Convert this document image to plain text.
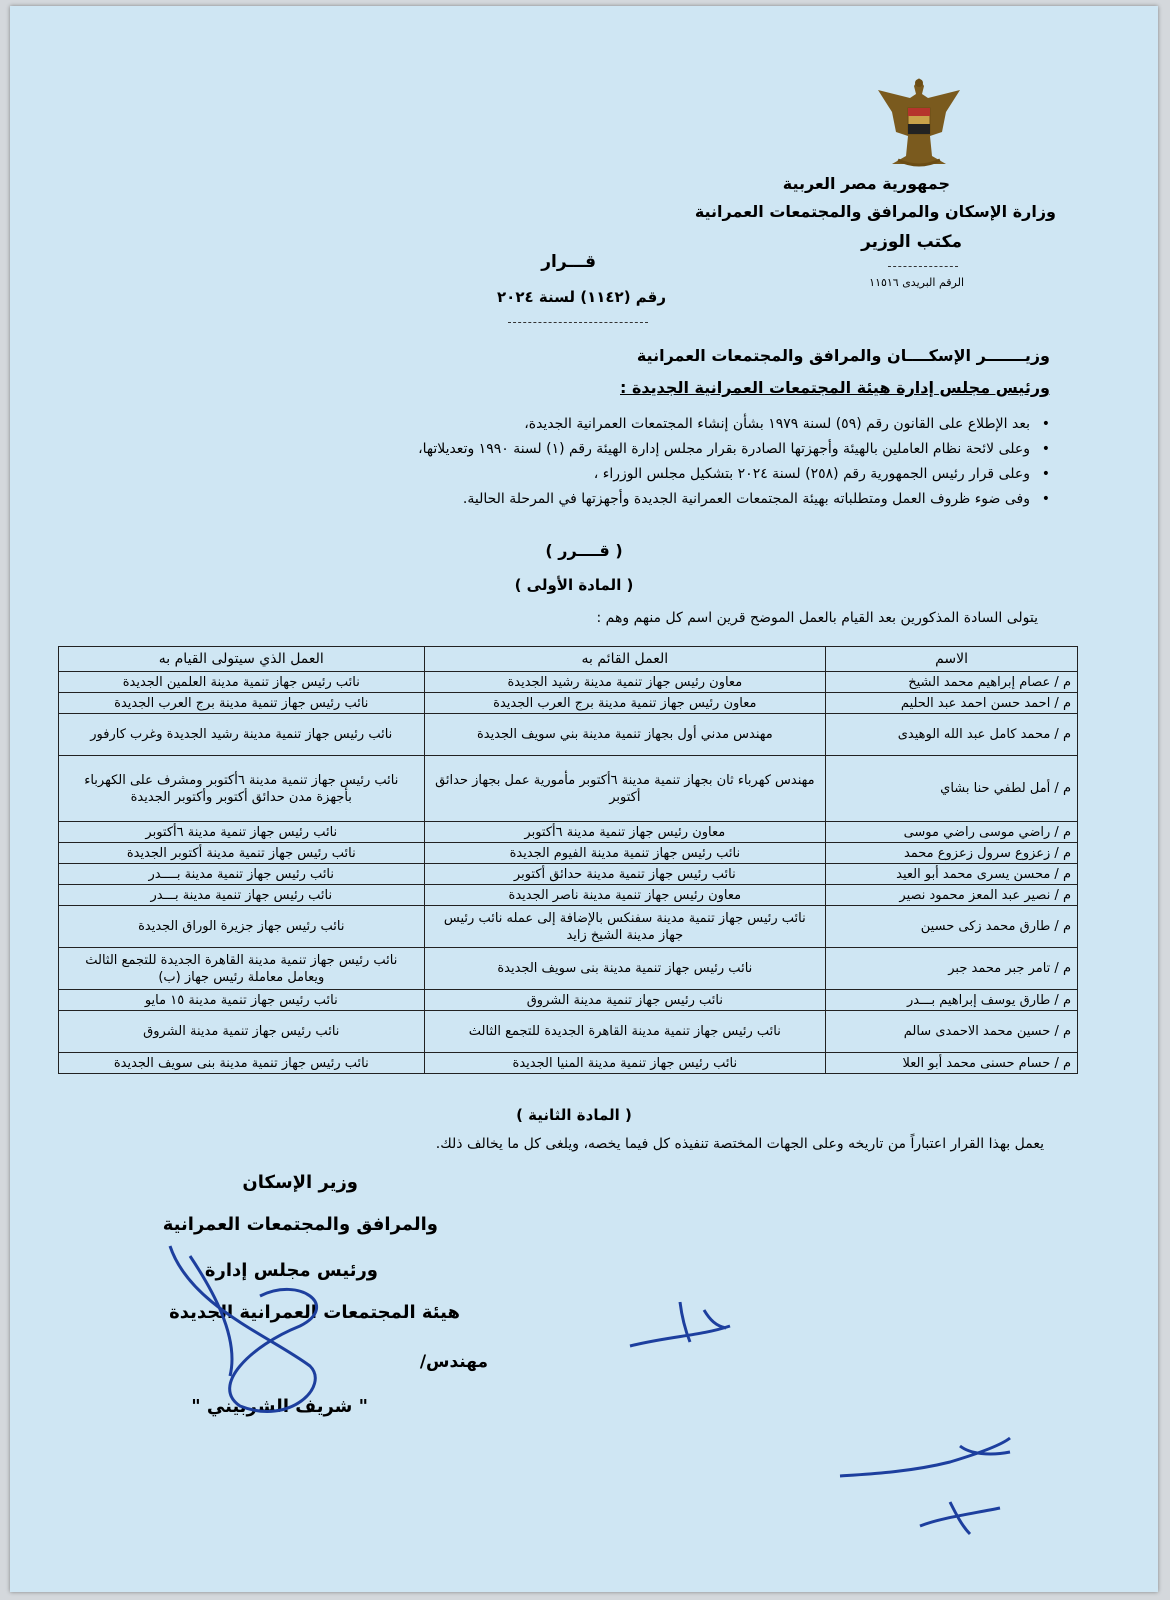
جمهورية مصر العربية
وزارة الإسكان والمرافق والمجتمعات العمرانية
مكتب الوزير
الرقم البريدى ١١٥١٦
قـــرار
رقم (١١٤٢) لسنة ٢٠٢٤
وزيـــــــر الإسكــــان والمرافق والمجتمعات العمرانية
ورئيس مجلس إدارة هيئة المجتمعات العمرانية الجديدة :
• بعد الإطلاع على القانون رقم (٥٩) لسنة ١٩٧٩ بشأن إنشاء المجتمعات العمرانية الجديدة،
• وعلى لائحة نظام العاملين بالهيئة وأجهزتها الصادرة بقرار مجلس إدارة الهيئة رقم (١) لسنة ١٩٩٠ وتعديلاتها،
• وعلى قرار رئيس الجمهورية رقم (٢٥٨) لسنة ٢٠٢٤ بتشكيل مجلس الوزراء ،
• وفى ضوء ظروف العمل ومتطلباته بهيئة المجتمعات العمرانية الجديدة وأجهزتها في المرحلة الحالية.
( قــــرر )
( المادة الأولى )
يتولى السادة المذكورين بعد القيام بالعمل الموضح قرين اسم كل منهم وهم :
الاسم	العمل القائم به	العمل الذي سيتولى القيام به
م / عصام إبراهيم محمد الشيخ	معاون رئيس جهاز تنمية مدينة رشيد الجديدة	نائب رئيس جهاز تنمية مدينة العلمين الجديدة
م / احمد حسن احمد عبد الحليم	معاون رئيس جهاز تنمية مدينة برج العرب الجديدة	نائب رئيس جهاز تنمية مدينة برج العرب الجديدة
م / محمد كامل عبد الله الوهيدى	مهندس مدني أول بجهاز تنمية مدينة بني سويف الجديدة	نائب رئيس جهاز تنمية مدينة رشيد الجديدة وغرب كارفور
م / أمل لطفي حنا بشاي	مهندس كهرباء ثان بجهاز تنمية مدينة ٦أكتوبر مأمورية عمل بجهاز حدائق أكتوبر	نائب رئيس جهاز تنمية مدينة ٦أكتوبر ومشرف على الكهرباء بأجهزة مدن حدائق أكتوبر وأكتوبر الجديدة
م / راضي موسى راضي موسى	معاون رئيس جهاز تنمية مدينة ٦أكتوبر	نائب رئيس جهاز تنمية مدينة ٦أكتوبر
م / زعزوع سرول زعزوع محمد	نائب رئيس جهاز تنمية مدينة الفيوم الجديدة	نائب رئيس جهاز تنمية مدينة أكتوبر الجديدة
م / محسن يسرى محمد أبو العيد	نائب رئيس جهاز تنمية مدينة حدائق أكتوبر	نائب رئيس جهاز تنمية مدينة بــــدر
م / نصير عبد المعز محمود نصير	معاون رئيس جهاز تنمية مدينة ناصر الجديدة	نائب رئيس جهاز تنمية مدينة بـــدر
م / طارق محمد زكى حسين	نائب رئيس جهاز تنمية مدينة سفنكس بالإضافة إلى عمله نائب رئيس جهاز مدينة الشيخ زايد	نائب رئيس جهاز جزيرة الوراق الجديدة
م / تامر جبر محمد جبر	نائب رئيس جهاز تنمية مدينة بنى سويف الجديدة	نائب رئيس جهاز تنمية مدينة القاهرة الجديدة للتجمع الثالث ويعامل معاملة رئيس جهاز (ب)
م / طارق يوسف إبراهيم بـــدر	نائب رئيس جهاز تنمية مدينة الشروق	نائب رئيس جهاز تنمية مدينة ١٥ مايو
م / حسين محمد الاحمدى سالم	نائب رئيس جهاز تنمية مدينة القاهرة الجديدة للتجمع الثالث	نائب رئيس جهاز تنمية مدينة الشروق
م / حسام حسنى محمد أبو العلا	نائب رئيس جهاز تنمية مدينة المنيا الجديدة	نائب رئيس جهاز تنمية مدينة بنى سويف الجديدة
( المادة الثانية )
يعمل بهذا القرار اعتباراً من تاريخه وعلى الجهات المختصة تنفيذه كل فيما يخصه، ويلغى كل ما يخالف ذلك.
وزير الإسكان
والمرافق والمجتمعات العمرانية
ورئيس مجلس إدارة
هيئة المجتمعات العمرانية الجديدة
مهندس/
" شريف الشربيني "
